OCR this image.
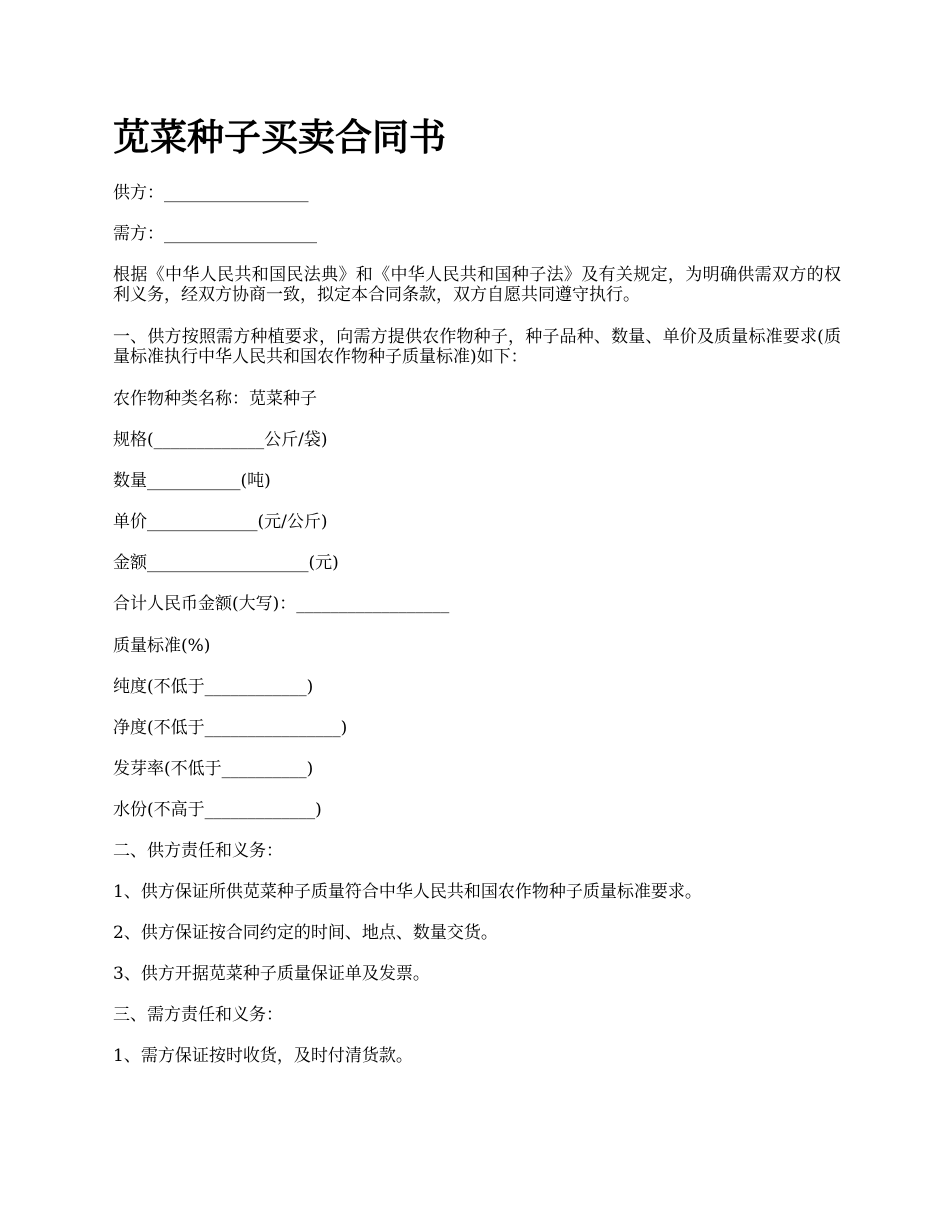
苋菜种子买卖合同书
供方：_________________
需方：__________________
根据《中华人民共和国民法典》和《中华人民共和国种子法》及有关规定，为明确供需双方的权利义务，经双方协商一致，拟定本合同条款，双方自愿共同遵守执行。
一、供方按照需方种植要求，向需方提供农作物种子，种子品种、数量、单价及质量标准要求(质量标准执行中华人民共和国农作物种子质量标准)如下：
农作物种类名称：苋菜种子
规格(_____________公斤/袋)
数量___________(吨)
单价_____________(元/公斤)
金额___________________(元)
合计人民币金额(大写)：__________________
质量标准(%)
纯度(不低于____________)
净度(不低于________________)
发芽率(不低于__________)
水份(不高于_____________)
二、供方责任和义务：
1、供方保证所供苋菜种子质量符合中华人民共和国农作物种子质量标准要求。
2、供方保证按合同约定的时间、地点、数量交货。
3、供方开据苋菜种子质量保证单及发票。
三、需方责任和义务：
1、需方保证按时收货，及时付清货款。
